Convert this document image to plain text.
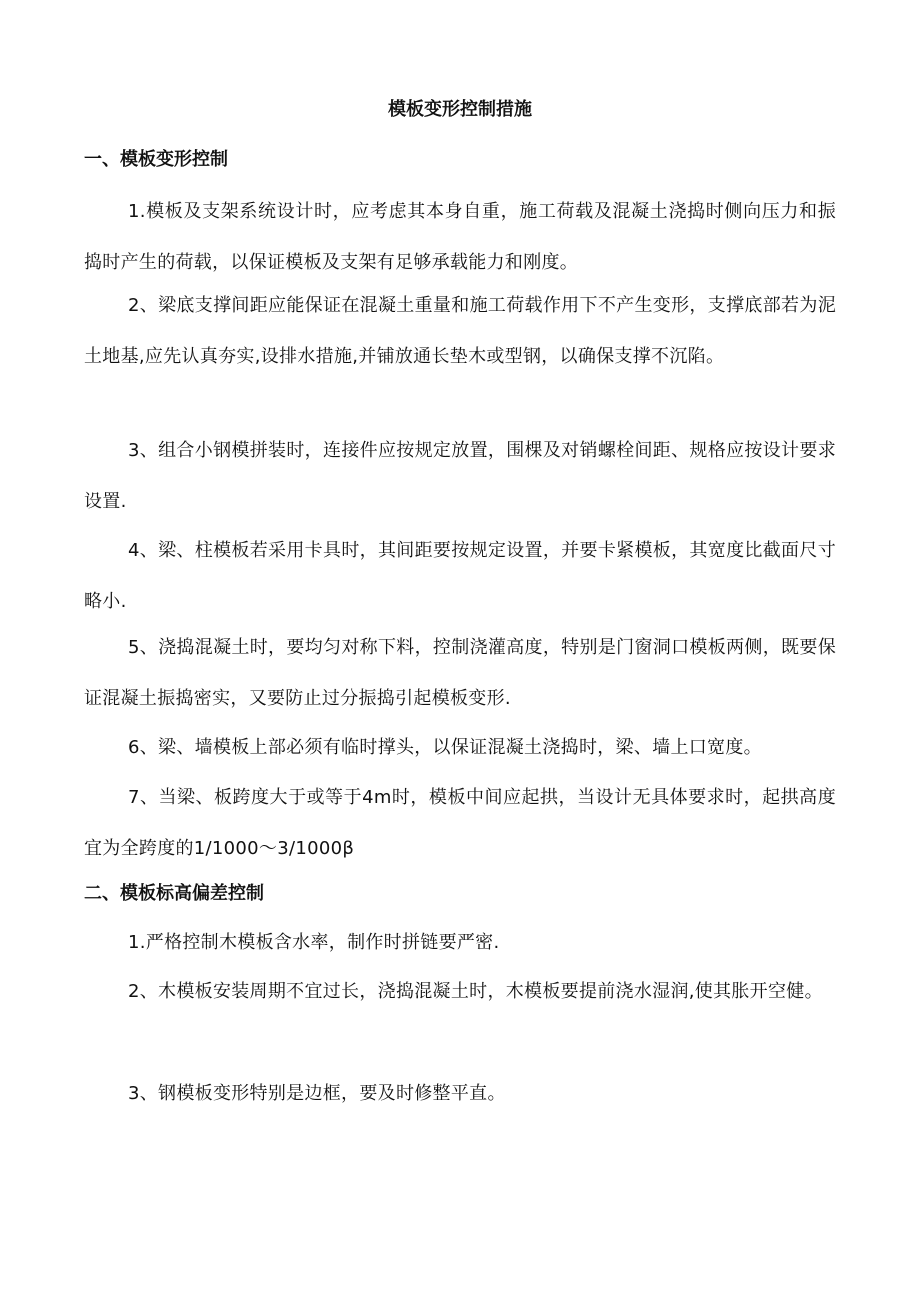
模板变形控制措施
一、模板变形控制

1.模板及支架系统设计时，应考虑其本身自重，施工荷载及混凝土浇捣时侧向压力和振捣时产生的荷载，以保证模板及支架有足够承载能力和刚度。

2、梁底支撑间距应能保证在混凝土重量和施工荷载作用下不产生变形，支撑底部若为泥土地基,应先认真夯实,设排水措施,并铺放通长垫木或型钢，以确保支撑不沉陷。

3、组合小钢模拼装时，连接件应按规定放置，围棵及对销螺栓间距、规格应按设计要求设置.

4、梁、柱模板若采用卡具时，其间距要按规定设置，并要卡紧模板，其宽度比截面尺寸略小.

5、浇捣混凝土时，要均匀对称下料，控制浇灌高度，特别是门窗洞口模板两侧，既要保证混凝土振捣密实，又要防止过分振捣引起模板变形.

6、梁、墙模板上部必须有临时撑头，以保证混凝土浇捣时，梁、墙上口宽度。

7、当梁、板跨度大于或等于4m时，模板中间应起拱，当设计无具体要求时，起拱高度宜为全跨度的1/1000～3/1000β

二、模板标高偏差控制

1.严格控制木模板含水率，制作时拼链要严密.

2、木模板安装周期不宜过长，浇捣混凝土时，木模板要提前浇水湿润,使其胀开空健。

3、钢模板变形特别是边框，要及时修整平直。
